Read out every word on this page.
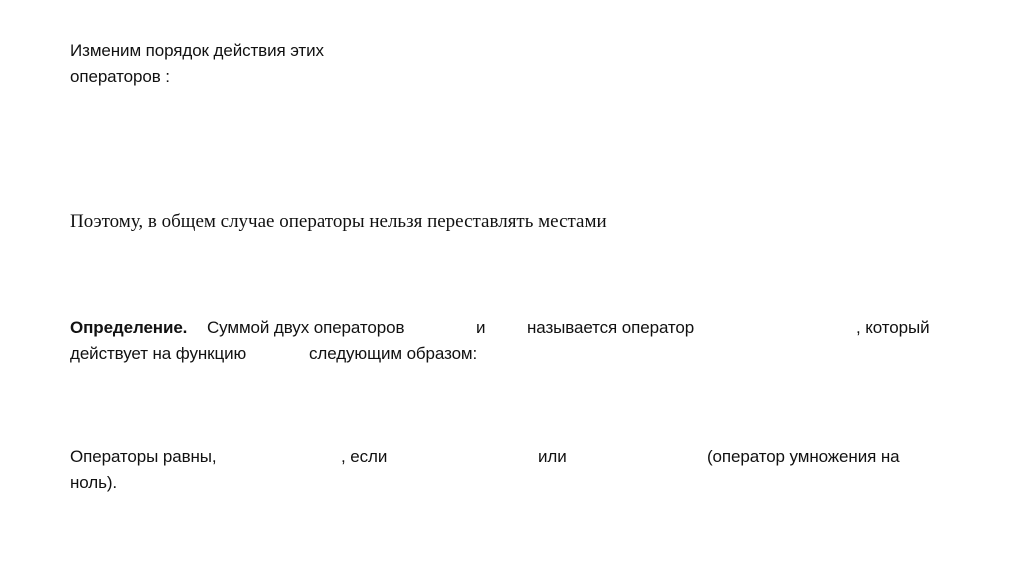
Изменим порядок действия этих
операторов :
Поэтому, в общем случае операторы нельзя переставлять местами
Определение. Суммой двух операторов	и называется оператор	, который
действует на функцию	следующим образом:
Операторы равны,	, если	или	(оператор умножения на
ноль).
